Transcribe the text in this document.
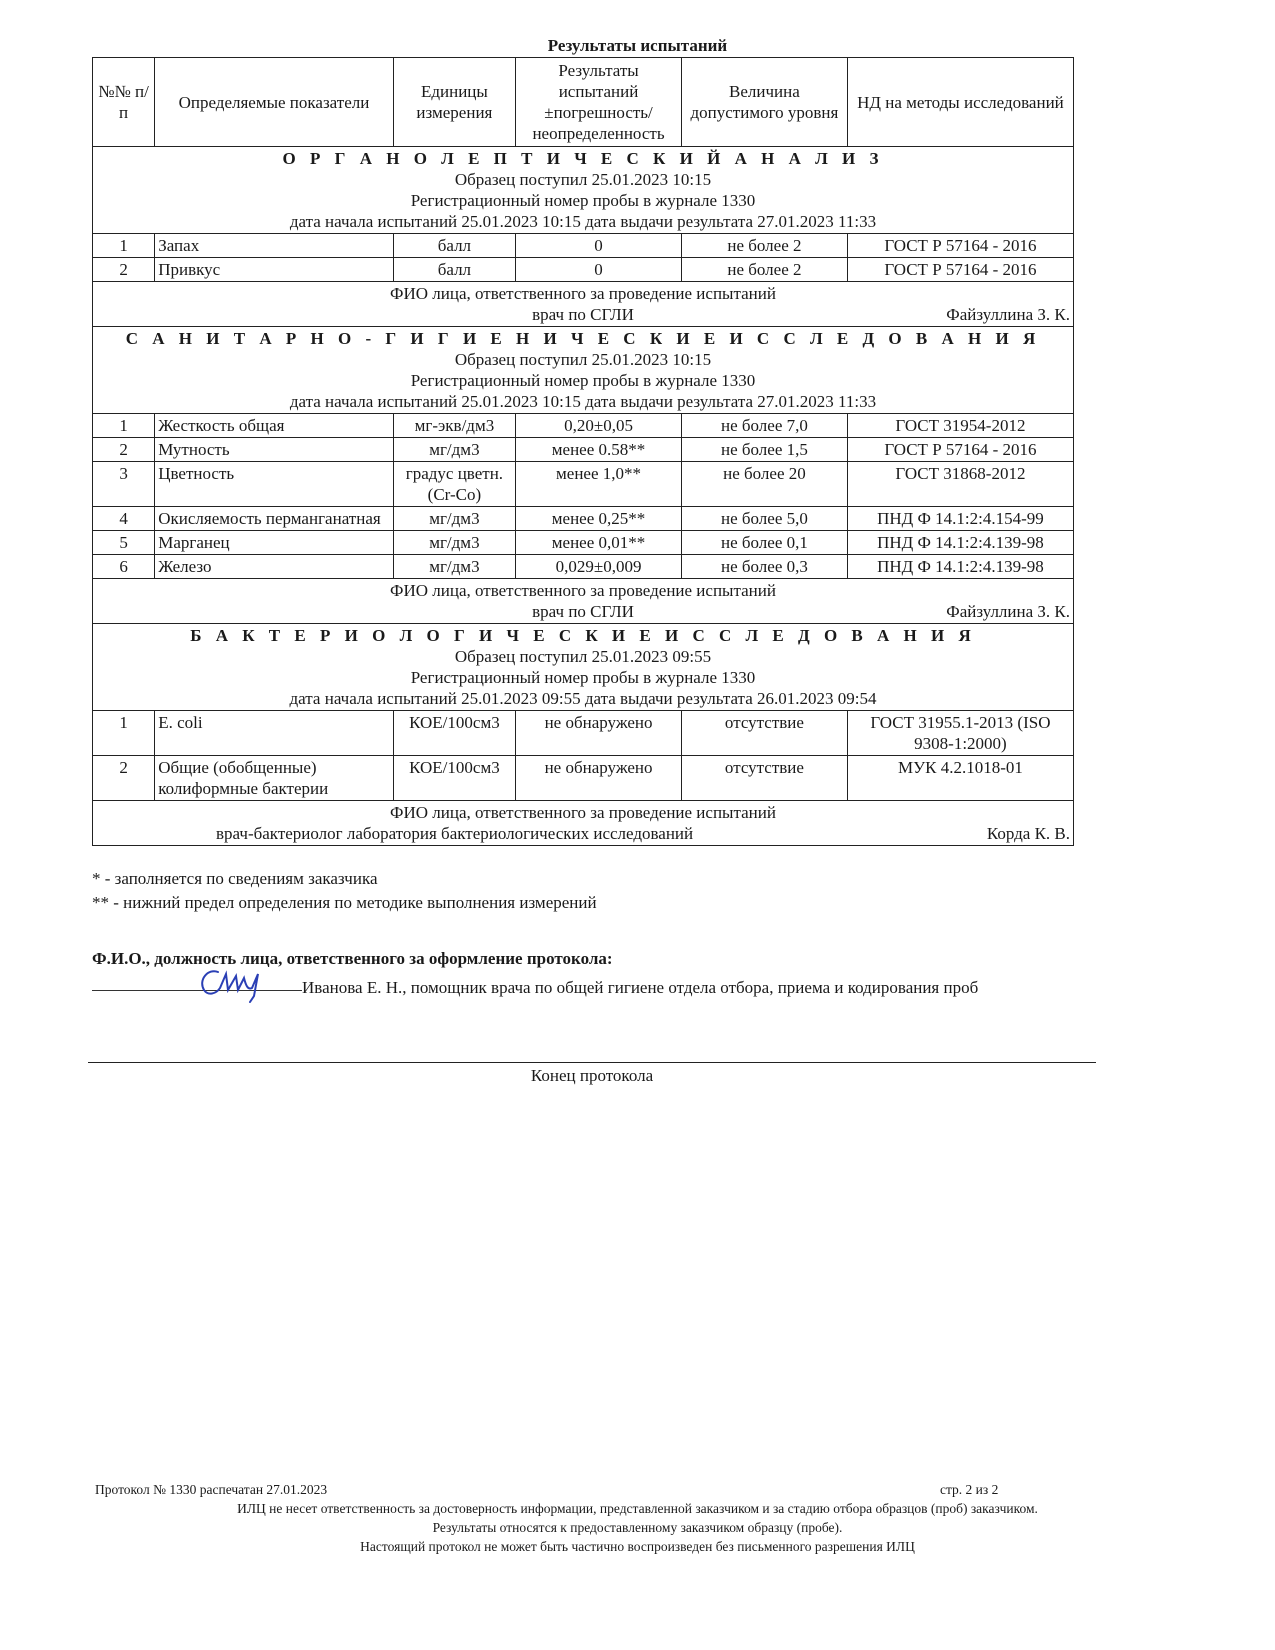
Результаты испытаний
№№ п/п	Определяемые показатели	Единицы измерения	Результаты испытаний ±погрешность/ неопределенность	Величина допустимого уровня	НД на методы исследований

О Р Г А Н О Л Е П Т И Ч Е С К И Й А Н А Л И З
Образец поступил 25.01.2023 10:15
Регистрационный номер пробы в журнале 1330
дата начала испытаний 25.01.2023 10:15 дата выдачи результата 27.01.2023 11:33					

1	Запах	балл	0	не более 2	ГОСТ Р 57164 - 2016
2	Привкус	балл	0	не более 2	ГОСТ Р 57164 - 2016

ФИО лица, ответственного за проведение испытаний
врач по СГЛИ Файзуллина З. К.					

С А Н И Т А Р Н О - Г И Г И Е Н И Ч Е С К И Е И С С Л Е Д О В А Н И Я
Образец поступил 25.01.2023 10:15
Регистрационный номер пробы в журнале 1330
дата начала испытаний 25.01.2023 10:15 дата выдачи результата 27.01.2023 11:33					

1	Жесткость общая	мг-экв/дм3	0,20±0,05	не более 7,0	ГОСТ 31954-2012
2	Мутность	мг/дм3	менее 0.58**	не более 1,5	ГОСТ Р 57164 - 2016
3	Цветность	градус цветн.(Cr-Co)	менее 1,0**	не более 20	ГОСТ 31868-2012
4	Окисляемость перманганатная	мг/дм3	менее 0,25**	не более 5,0	ПНД Ф 14.1:2:4.154-99
5	Марганец	мг/дм3	менее 0,01**	не более 0,1	ПНД Ф 14.1:2:4.139-98
6	Железо	мг/дм3	0,029±0,009	не более 0,3	ПНД Ф 14.1:2:4.139-98

ФИО лица, ответственного за проведение испытаний
врач по СГЛИ Файзуллина З. К.					

Б А К Т Е Р И О Л О Г И Ч Е С К И Е И С С Л Е Д О В А Н И Я
Образец поступил 25.01.2023 09:55
Регистрационный номер пробы в журнале 1330
дата начала испытаний 25.01.2023 09:55 дата выдачи результата 26.01.2023 09:54					

1	E. coli	КОЕ/100см3	не обнаружено	отсутствие	ГОСТ 31955.1-2013 (ISO 9308-1:2000)
2	Общие (обобщенные) колиформные бактерии	КОЕ/100см3	не обнаружено	отсутствие	МУК 4.2.1018-01

ФИО лица, ответственного за проведение испытаний
врач-бактериолог лаборатория бактериологических исследований Корда К. В.					
* - заполняется по сведениям заказчика
** - нижний предел определения по методике выполнения измерений
Ф.И.О., должность лица, ответственного за оформление протокола:
Иванова Е. Н., помощник врача по общей гигиене отдела отбора, приема и кодирования проб
Конец протокола
Протокол № 1330 распечатан 27.01.2023	стр. 2 из 2
ИЛЦ не несет ответственность за достоверность информации, представленной заказчиком и за стадию отбора образцов (проб) заказчиком.
Результаты относятся к предоставленному заказчиком образцу (пробе).
Настоящий протокол не может быть частично воспроизведен без письменного разрешения ИЛЦ
